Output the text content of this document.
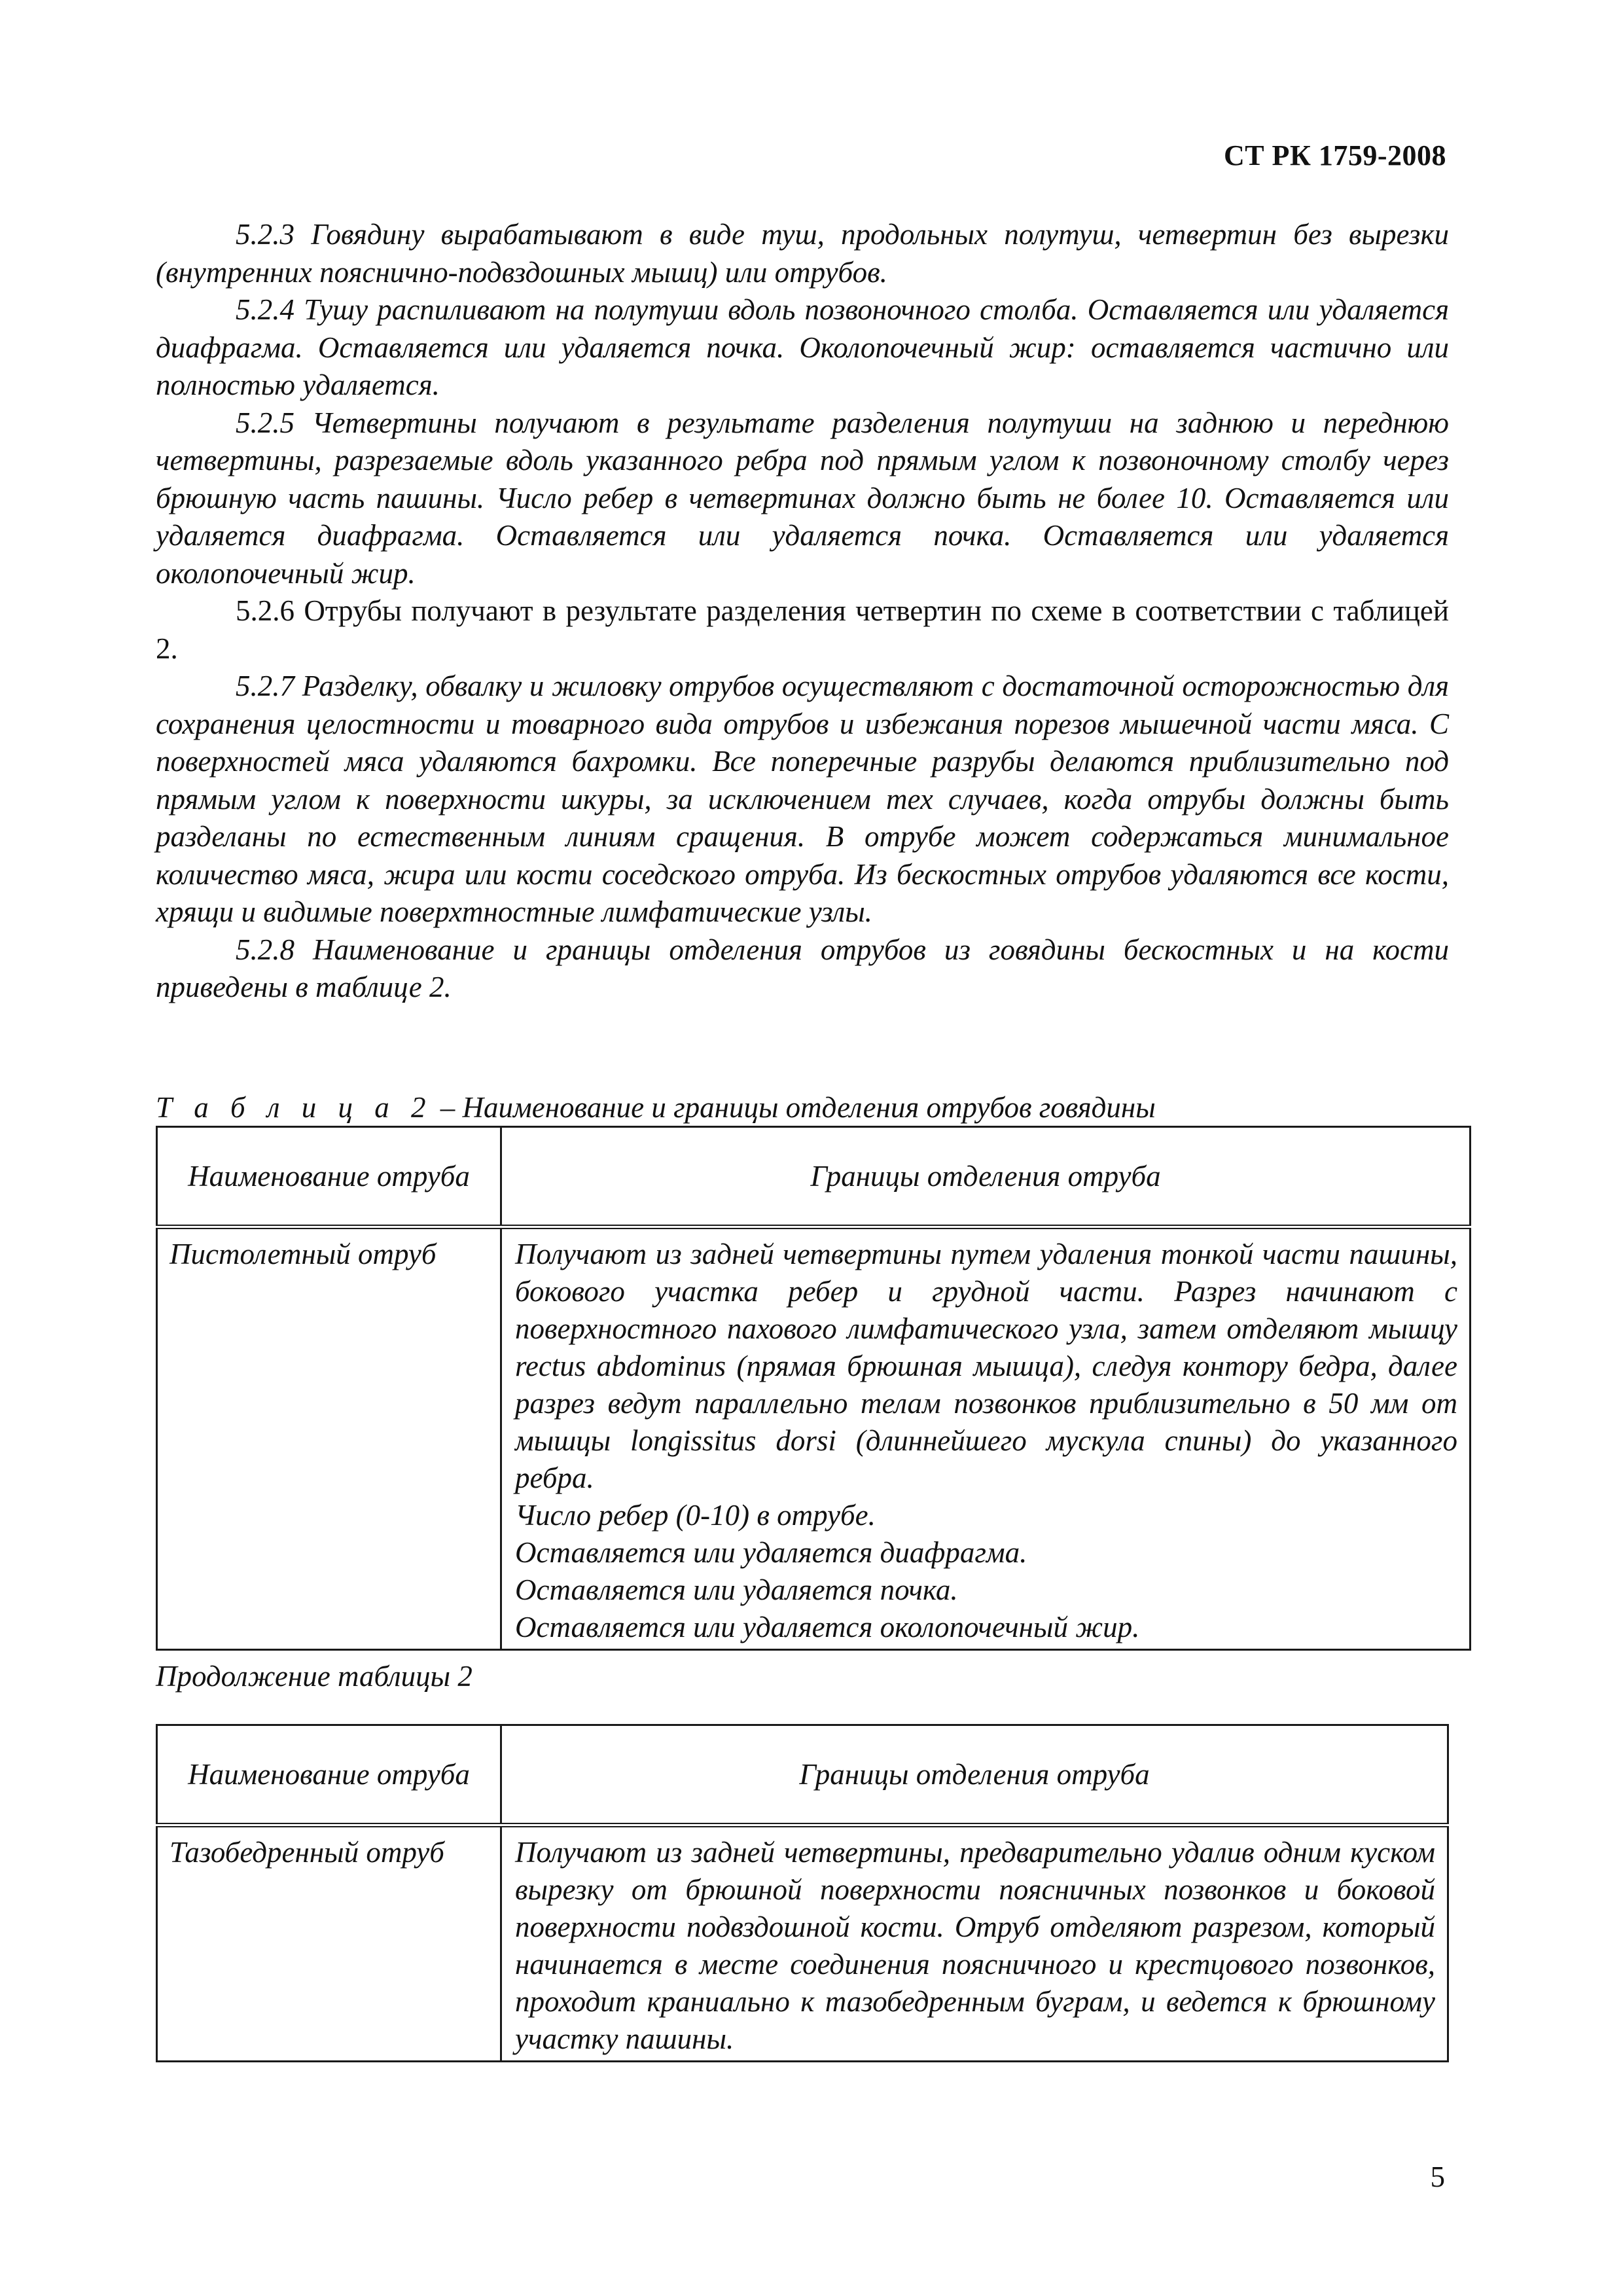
СТ РК 1759-2008

5.2.3 Говядину вырабатывают в виде туш, продольных полутуш, четвертин без вырезки (внутренних пояснично-подвздошных мышц) или отрубов.

5.2.4 Тушу распиливают на полутуши вдоль позвоночного столба. Оставляется или удаляется диафрагма. Оставляется или удаляется почка. Околопочечный жир: оставляется частично или полностью удаляется.

5.2.5 Четвертины получают в результате разделения полутуши на заднюю и переднюю четвертины, разрезаемые вдоль указанного ребра под прямым углом к позвоночному столбу через брюшную часть пашины. Число ребер в четвертинах должно быть не более 10. Оставляется или удаляется диафрагма. Оставляется или удаляется почка. Оставляется или удаляется околопочечный жир.

5.2.6 Отрубы получают в результате разделения четвертин по схеме в соответствии с таблицей 2.

5.2.7 Разделку, обвалку и жиловку отрубов осуществляют с достаточной осторожностью для сохранения целостности и товарного вида отрубов и избежания порезов мышечной части мяса. С поверхностей мяса удаляются бахромки. Все поперечные разрубы делаются приблизительно под прямым углом к поверхности шкуры, за исключением тех случаев, когда отрубы должны быть разделаны по естественным линиям сращения. В отрубе может содержаться минимальное количество мяса, жира или кости соседского отруба. Из бескостных отрубов удаляются все кости, хрящи и видимые поверхтностные лимфатические узлы.

5.2.8 Наименование и границы отделения отрубов из говядины бескостных и на кости приведены в таблице 2.

Т а б л и ц а 2 – Наименование и границы отделения отрубов говядины
Наименование отруба	Границы отделения отруба
Пистолетный отруб	Получают из задней четвертины путем удаления тонкой части пашины, бокового участка ребер и грудной части. Разрез начинают с поверхностного пахового лимфатического узла, затем отделяют мышцу rectus abdominus (прямая брюшная мышца), следуя контору бедра, далее разрез ведут параллельно телам позвонков приблизительно в 50 мм от мышцы longissitus dorsi (длиннейшего мускула спины) до указанного ребра.

Число ребер (0-10) в отрубе.

Оставляется или удаляется диафрагма.

Оставляется или удаляется почка.

Оставляется или удаляется околопочечный жир.

Продолжение таблицы 2
Наименование отруба	Границы отделения отруба
Тазобедренный отруб	Получают из задней четвертины, предварительно удалив одним куском вырезку от брюшной поверхности поясничных позвонков и боковой поверхности подвздошной кости. Отруб отделяют разрезом, который начинается в месте соединения поясничного и крестцового позвонков, проходит краниально к тазобедренным буграм, и ведется к брюшному участку пашины.

5
